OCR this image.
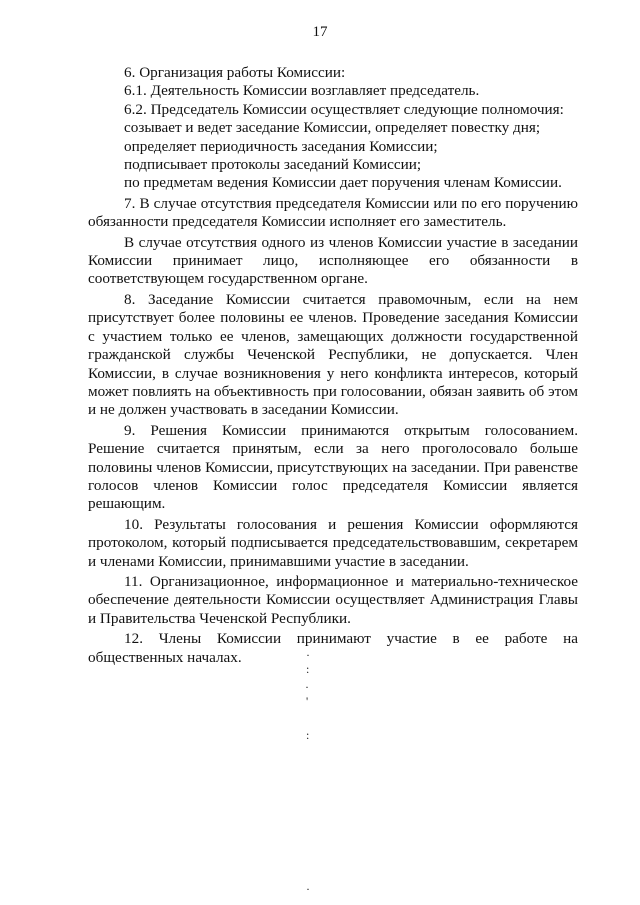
17

6. Организация работы Комиссии:

6.1. Деятельность Комиссии возглавляет председатель.

6.2. Председатель Комиссии осуществляет следующие полномочия:

созывает и ведет заседание Комиссии, определяет повестку дня;

определяет периодичность заседания Комиссии;

подписывает протоколы заседаний Комиссии;

по предметам ведения Комиссии дает поручения членам Комиссии.

7. В случае отсутствия председателя Комиссии или по его поручению обязанности председателя Комиссии исполняет его заместитель.

В случае отсутствия одного из членов Комиссии участие в заседании Комиссии принимает лицо, исполняющее его обязанности в соответствующем государственном органе.

8. Заседание Комиссии считается правомочным, если на нем присутствует более половины ее членов. Проведение заседания Комиссии с участием только ее членов, замещающих должности государственной гражданской службы Чеченской Республики, не допускается. Член Комиссии, в случае возникновения у него конфликта интересов, который может повлиять на объективность при голосовании, обязан заявить об этом и не должен участвовать в заседании Комиссии.

9. Решения Комиссии принимаются открытым голосованием. Решение считается принятым, если за него проголосовало больше половины членов Комиссии, присутствующих на заседании. При равенстве голосов членов Комиссии голос председателя Комиссии является решающим.

10. Результаты голосования и решения Комиссии оформляются протоколом, который подписывается председательствовавшим, секретарем и членами Комиссии, принимавшими участие в заседании.

11. Организационное, информационное и материально-техническое обеспечение деятельности Комиссии осуществляет Администрация Главы и Правительства Чеченской Республики.

12. Члены Комиссии принимают участие в ее работе на общественных началах.	·
:
·
'
:
·
